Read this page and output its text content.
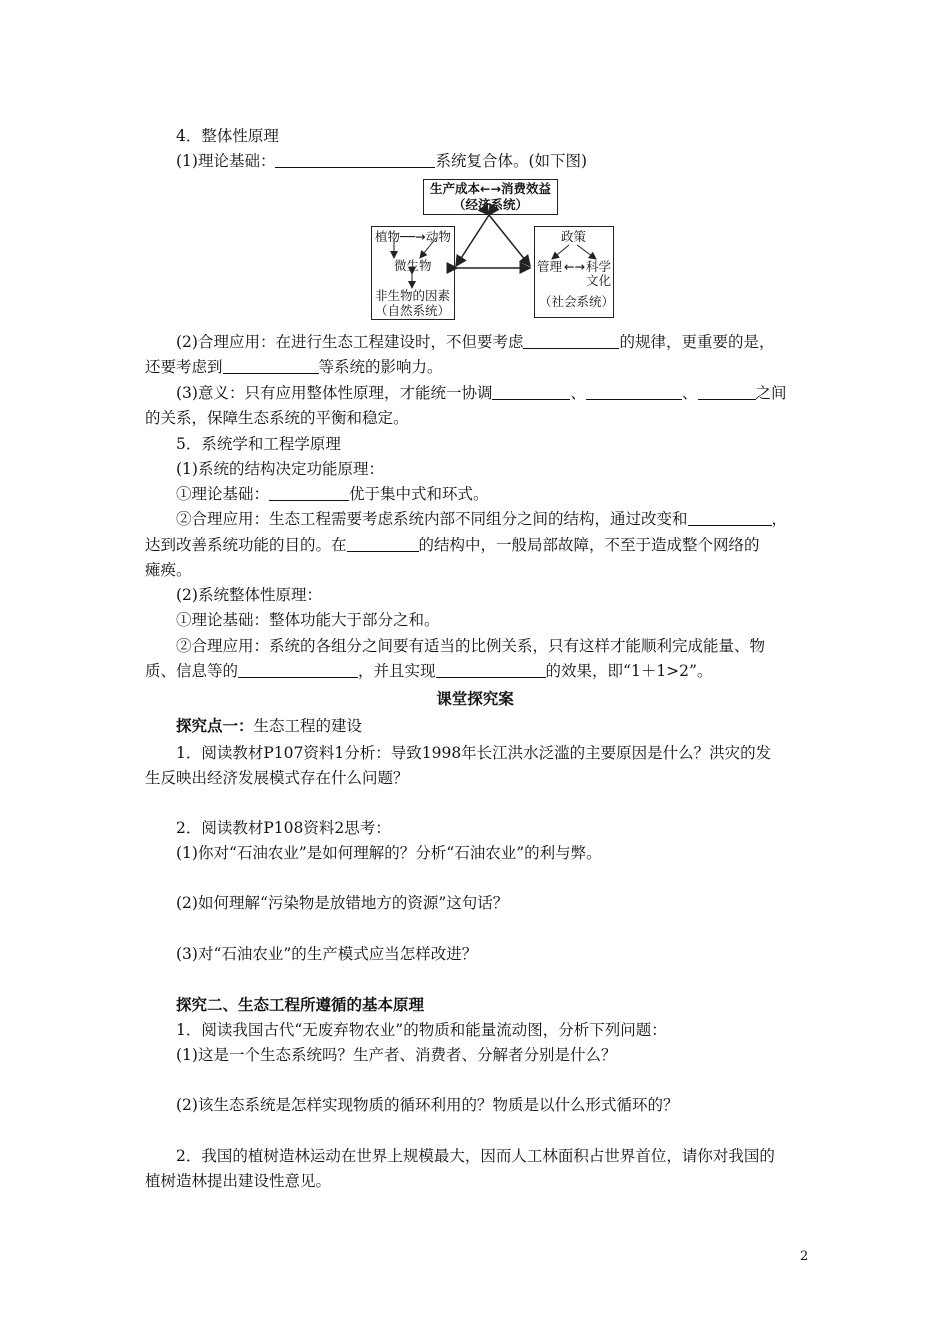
4．整体性原理
(1)理论基础：	系统复合体。(如下图)
生产成本←→消费效益
（经济系统）
植物 ──→ 动物
微生物
非生物的因素
（自然系统）
政策
管理 ←→ 科学
文化
（社会系统）
(2)合理应用：在进行生态工程建设时，不但要考虑	的规律，更重要的是，
还要考虑到	等系统的影响力。
(3)意义：只有应用整体性原理，才能统一协调	、	、	之间
的关系，保障生态系统的平衡和稳定。
5．系统学和工程学原理
(1)系统的结构决定功能原理：
①理论基础：	优于集中式和环式。
②合理应用：生态工程需要考虑系统内部不同组分之间的结构，通过改变和	，
达到改善系统功能的目的。在	的结构中，一般局部故障，不至于造成整个网络的
瘫痪。
(2)系统整体性原理：
①理论基础：整体功能大于部分之和。
②合理应用：系统的各组分之间要有适当的比例关系，只有这样才能顺利完成能量、物
质、信息等的	，并且实现	的效果，即“1＋1>2”。
课堂探究案
探究点一：生态工程的建设
1．阅读教材P107资料1分析：导致1998年长江洪水泛滥的主要原因是什么？洪灾的发
生反映出经济发展模式存在什么问题？
2．阅读教材P108资料2思考：
(1)你对“石油农业”是如何理解的？分析“石油农业”的利与弊。
(2)如何理解“污染物是放错地方的资源”这句话？
(3)对“石油农业”的生产模式应当怎样改进？
探究二、生态工程所遵循的基本原理
1．阅读我国古代“无废弃物农业”的物质和能量流动图，分析下列问题：
(1)这是一个生态系统吗？生产者、消费者、分解者分别是什么？
(2)该生态系统是怎样实现物质的循环利用的？物质是以什么形式循环的？
2．我国的植树造林运动在世界上规模最大，因而人工林面积占世界首位，请你对我国的
植树造林提出建设性意见。
2
